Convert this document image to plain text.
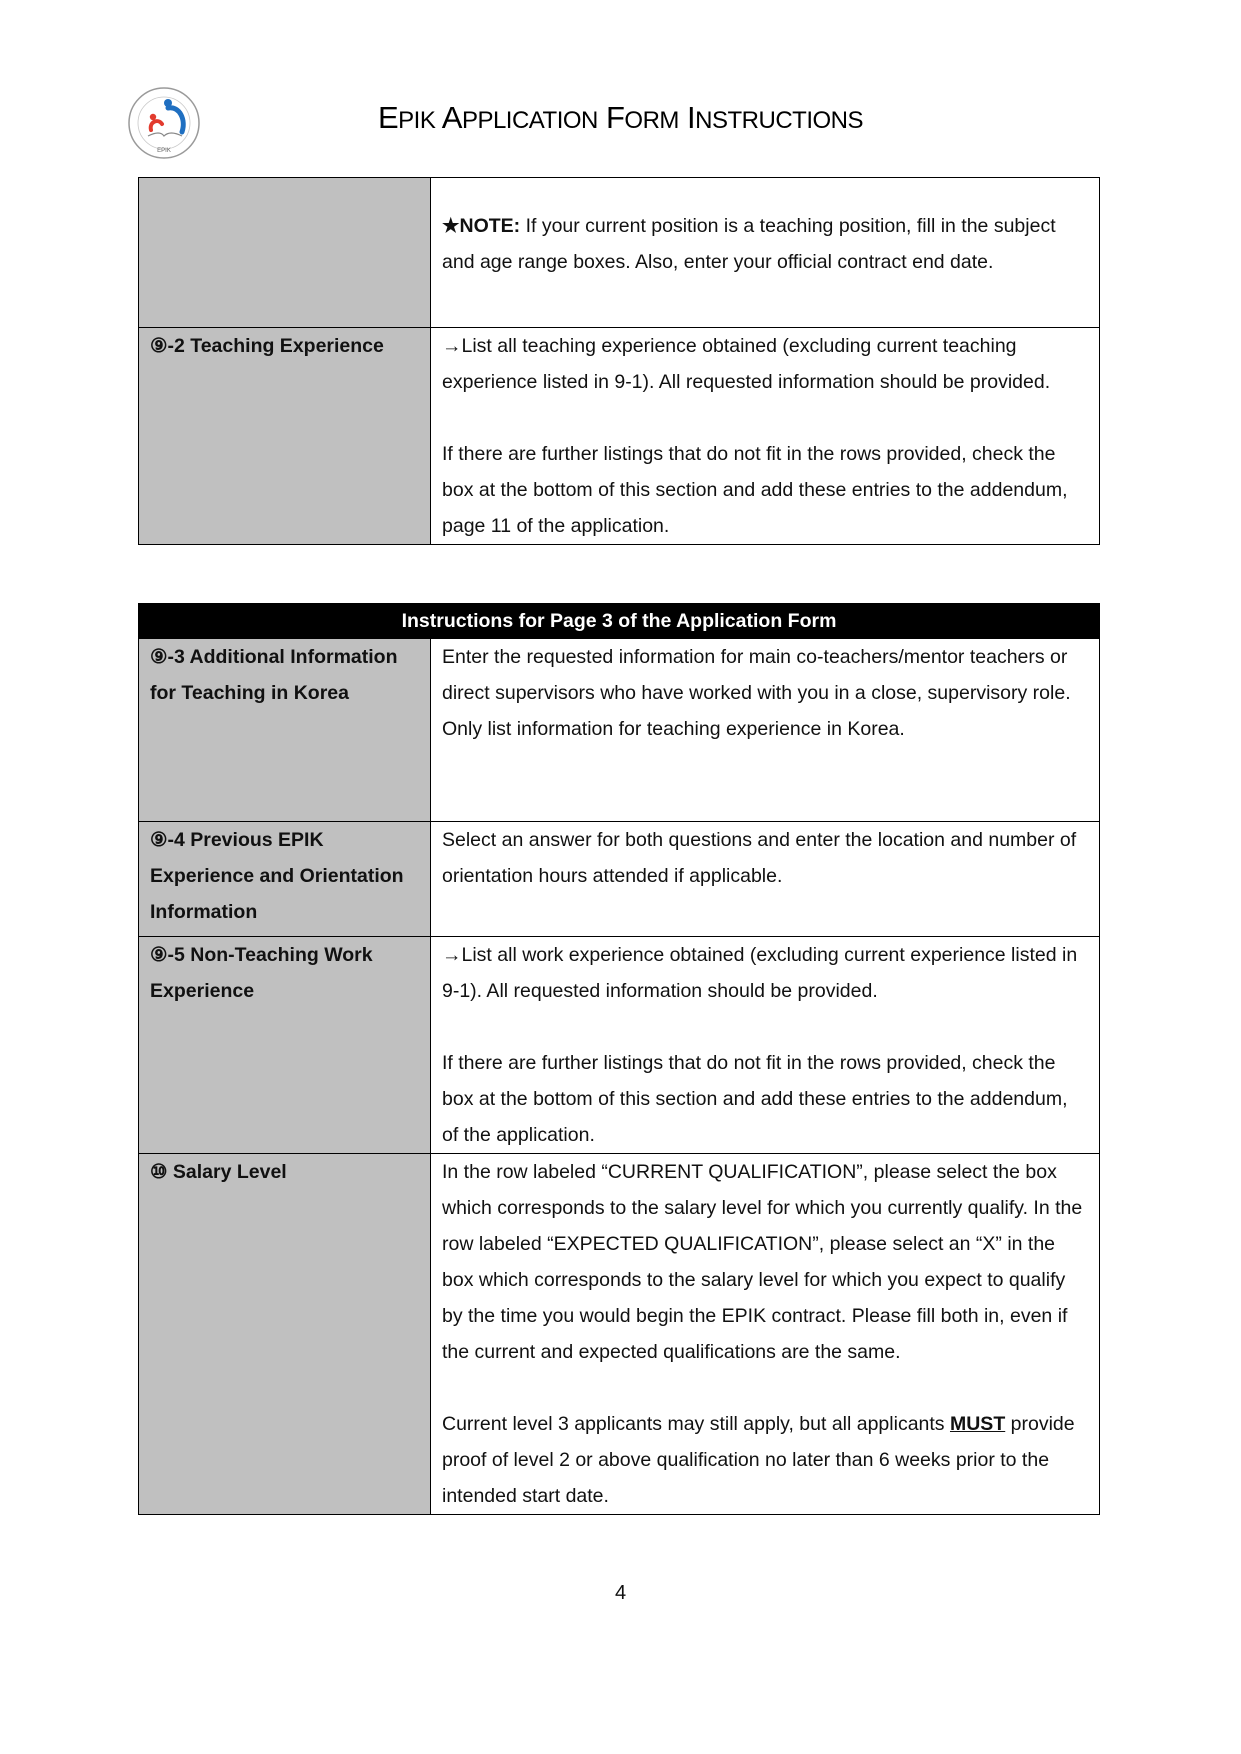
EPIK
EPIK APPLICATION FORM INSTRUCTIONS
	★NOTE: If your current position is a teaching position, fill in the subject and age range boxes. Also, enter your official contract end date.
⑨-2 Teaching Experience	→List all teaching experience obtained (excluding current teaching experience listed in 9-1). All requested information should be provided.
If there are further listings that do not fit in the rows provided, check the box at the bottom of this section and add these entries to the addendum, page 11 of the application.
Instructions for Page 3 of the Application Form	
⑨-3 Additional Information for Teaching in Korea	Enter the requested information for main co-teachers/mentor teachers or direct supervisors who have worked with you in a close, supervisory role. Only list information for teaching experience in Korea.

⑨-4 Previous EPIK Experience and Orientation Information	Select an answer for both questions and enter the location and number of orientation hours attended if applicable.

⑨-5 Non-Teaching Work Experience	→List all work experience obtained (excluding current experience listed in 9-1). All requested information should be provided.
If there are further listings that do not fit in the rows provided, check the box at the bottom of this section and add these entries to the addendum, of the application.

⑩ Salary Level	In the row labeled “CURRENT QUALIFICATION”, please select the box which corresponds to the salary level for which you currently qualify. In the row labeled “EXPECTED QUALIFICATION”, please select an “X” in the box which corresponds to the salary level for which you expect to qualify by the time you would begin the EPIK contract. Please fill both in, even if the current and expected qualifications are the same.
Current level 3 applicants may still apply, but all applicants MUST provide proof of level 2 or above qualification no later than 6 weeks prior to the intended start date.
4
